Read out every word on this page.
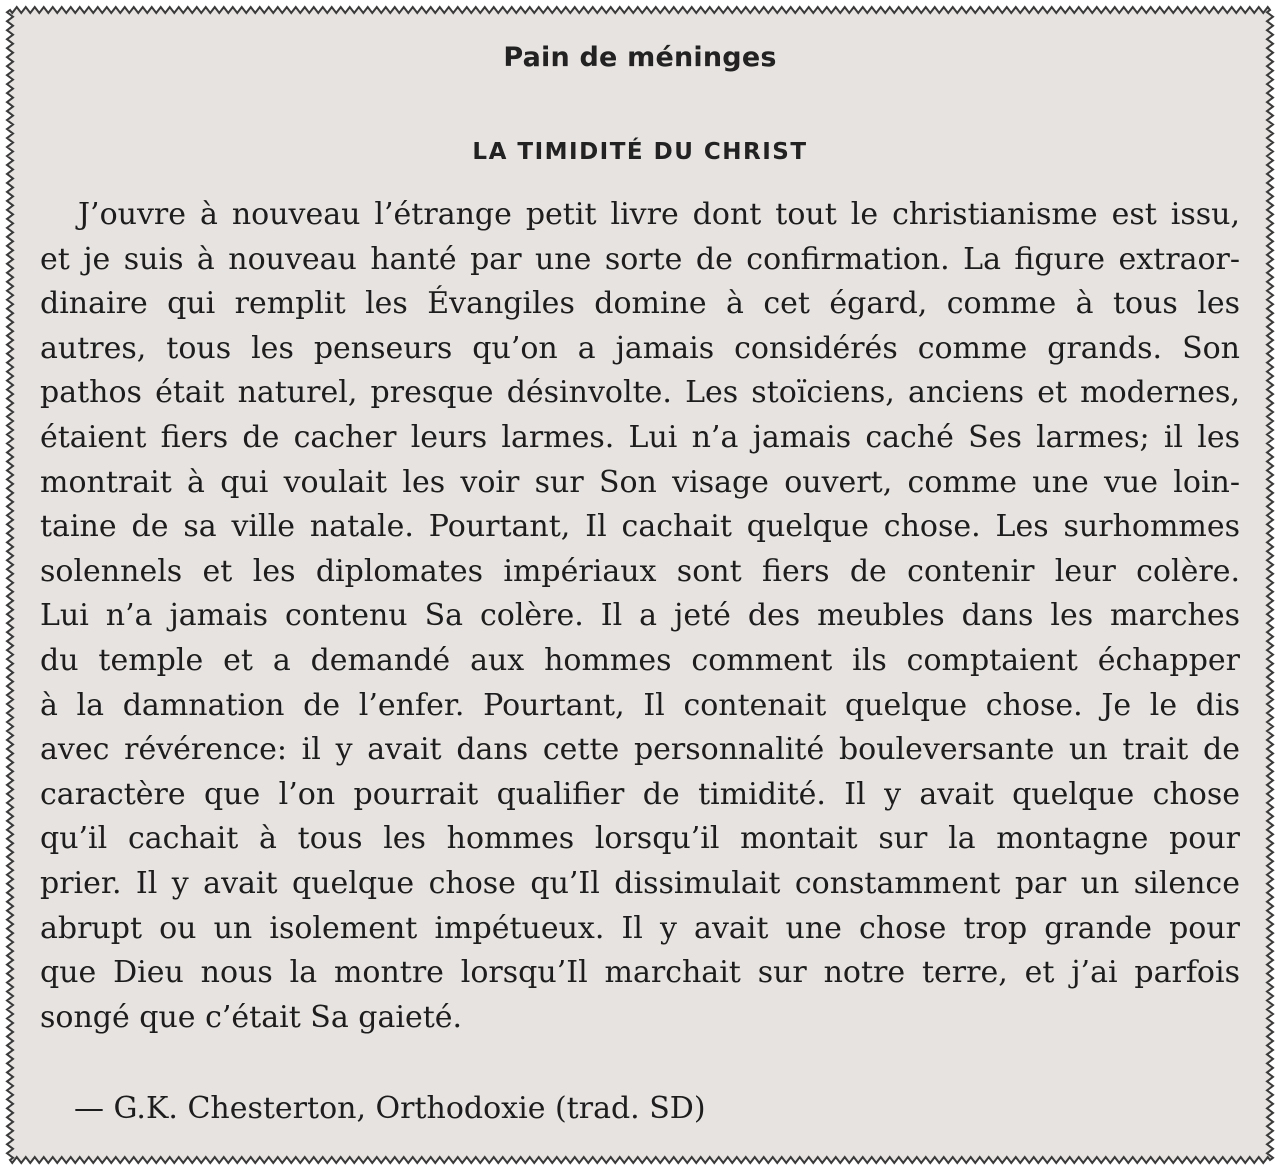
Pain de méninges
LA TIMIDITÉ DU CHRIST
J’ouvre à nouveau l’étrange petit livre dont tout le christianisme est issu,
et je suis à nouveau hanté par une sorte de confirmation. La figure extraor-
dinaire qui remplit les Évangiles domine à cet égard, comme à tous les
autres, tous les penseurs qu’on a jamais considérés comme grands. Son
pathos était naturel, presque désinvolte. Les stoïciens, anciens et modernes,
étaient fiers de cacher leurs larmes. Lui n’a jamais caché Ses larmes; il les
montrait à qui voulait les voir sur Son visage ouvert, comme une vue loin-
taine de sa ville natale. Pourtant, Il cachait quelque chose. Les surhommes
solennels et les diplomates impériaux sont fiers de contenir leur colère.
Lui n’a jamais contenu Sa colère. Il a jeté des meubles dans les marches
du temple et a demandé aux hommes comment ils comptaient échapper
à la damnation de l’enfer. Pourtant, Il contenait quelque chose. Je le dis
avec révérence: il y avait dans cette personnalité bouleversante un trait de
caractère que l’on pourrait qualifier de timidité. Il y avait quelque chose
qu’il cachait à tous les hommes lorsqu’il montait sur la montagne pour
prier. Il y avait quelque chose qu’Il dissimulait constamment par un silence
abrupt ou un isolement impétueux. Il y avait une chose trop grande pour
que Dieu nous la montre lorsqu’Il marchait sur notre terre, et j’ai parfois
songé que c’était Sa gaieté.
— G.K. Chesterton, Orthodoxie (trad. SD)
